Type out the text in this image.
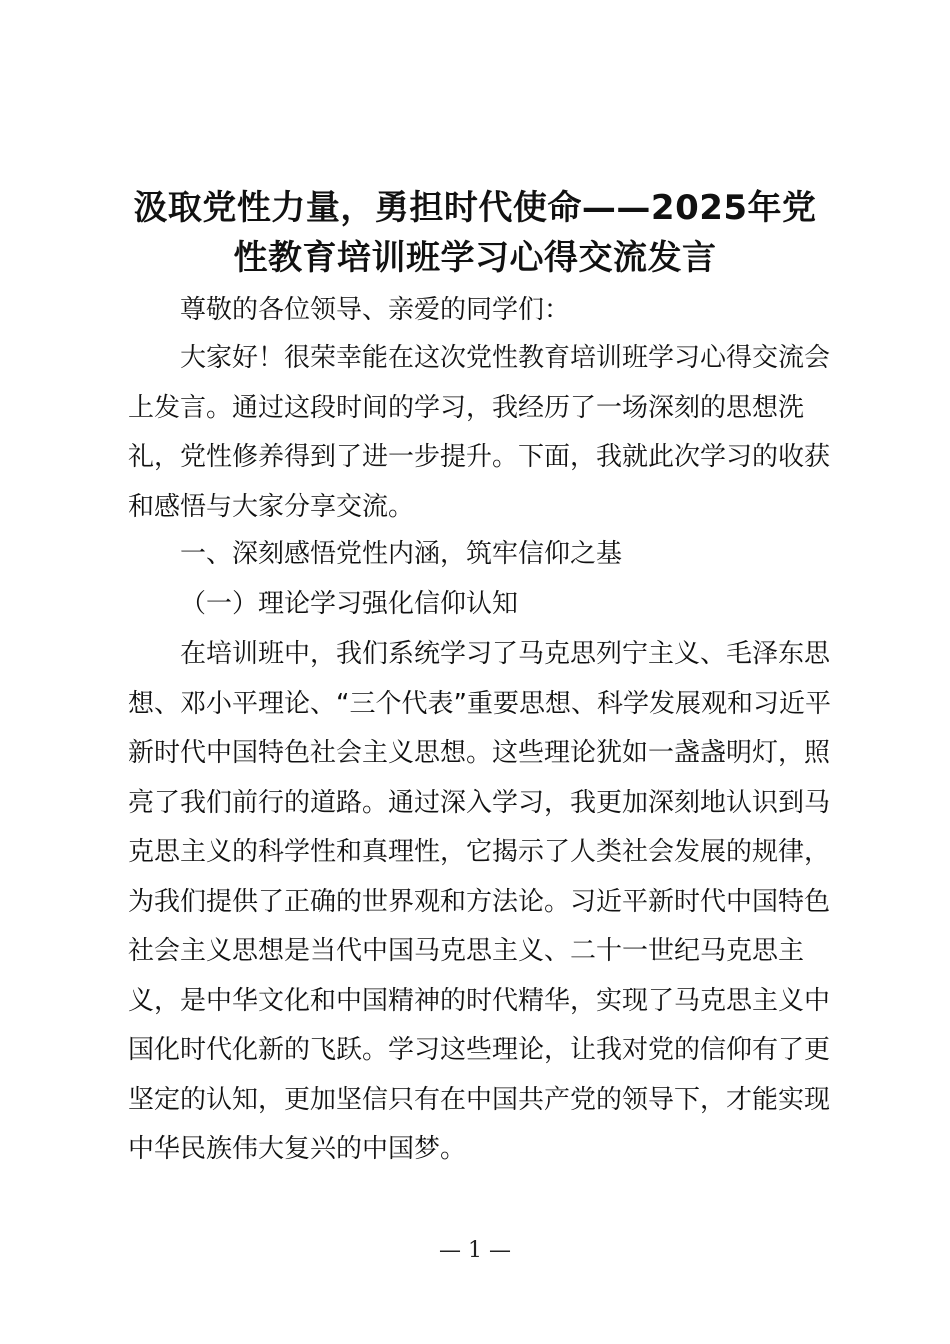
汲取党性力量，勇担时代使命——2025年党性教育培训班学习心得交流发言

尊敬的各位领导、亲爱的同学们：

大家好！很荣幸能在这次党性教育培训班学习心得交流会上发言。通过这段时间的学习，我经历了一场深刻的思想洗礼，党性修养得到了进一步提升。下面，我就此次学习的收获和感悟与大家分享交流。

一、深刻感悟党性内涵，筑牢信仰之基

（一）理论学习强化信仰认知

在培训班中，我们系统学习了马克思列宁主义、毛泽东思想、邓小平理论、“三个代表”重要思想、科学发展观和习近平新时代中国特色社会主义思想。这些理论犹如一盏盏明灯，照亮了我们前行的道路。通过深入学习，我更加深刻地认识到马克思主义的科学性和真理性，它揭示了人类社会发展的规律，为我们提供了正确的世界观和方法论。习近平新时代中国特色社会主义思想是当代中国马克思主义、二十一世纪马克思主义，是中华文化和中国精神的时代精华，实现了马克思主义中国化时代化新的飞跃。学习这些理论，让我对党的信仰有了更坚定的认知，更加坚信只有在中国共产党的领导下，才能实现中华民族伟大复兴的中国梦。

— 1 —
